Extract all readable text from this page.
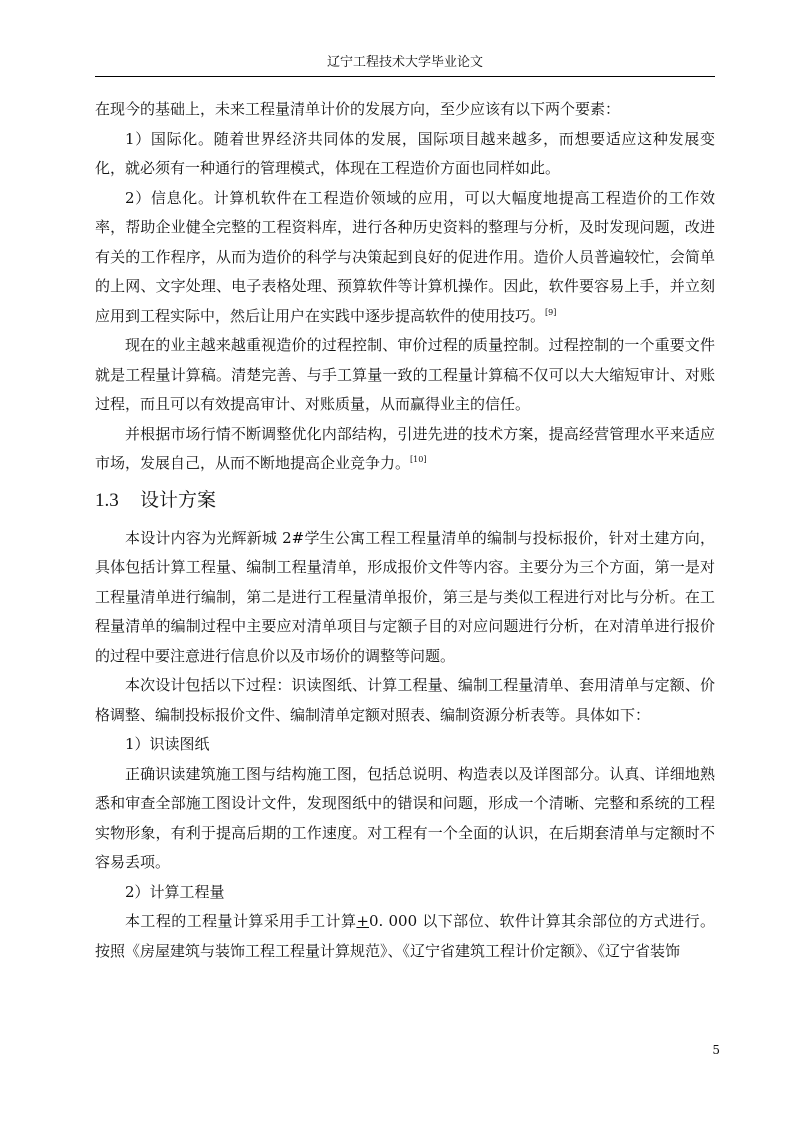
辽宁工程技术大学毕业论文

在现今的基础上，未来工程量清单计价的发展方向，至少应该有以下两个要素：

1）国际化。随着世界经济共同体的发展，国际项目越来越多，而想要适应这种发展变化，就必须有一种通行的管理模式，体现在工程造价方面也同样如此。

2）信息化。计算机软件在工程造价领域的应用，可以大幅度地提高工程造价的工作效率，帮助企业健全完整的工程资料库，进行各种历史资料的整理与分析，及时发现问题，改进有关的工作程序，从而为造价的科学与决策起到良好的促进作用。造价人员普遍较忙，会简单的上网、文字处理、电子表格处理、预算软件等计算机操作。因此，软件要容易上手，并立刻应用到工程实际中，然后让用户在实践中逐步提高软件的使用技巧。[9]

现在的业主越来越重视造价的过程控制、审价过程的质量控制。过程控制的一个重要文件就是工程量计算稿。清楚完善、与手工算量一致的工程量计算稿不仅可以大大缩短审计、对账过程，而且可以有效提高审计、对账质量，从而赢得业主的信任。

并根据市场行情不断调整优化内部结构，引进先进的技术方案，提高经营管理水平来适应市场，发展自己，从而不断地提高企业竞争力。[10]

1.3 设计方案

本设计内容为光辉新城 2#学生公寓工程工程量清单的编制与投标报价，针对土建方向，具体包括计算工程量、编制工程量清单，形成报价文件等内容。主要分为三个方面，第一是对工程量清单进行编制，第二是进行工程量清单报价，第三是与类似工程进行对比与分析。在工程量清单的编制过程中主要应对清单项目与定额子目的对应问题进行分析，在对清单进行报价的过程中要注意进行信息价以及市场价的调整等问题。

本次设计包括以下过程：识读图纸、计算工程量、编制工程量清单、套用清单与定额、价格调整、编制投标报价文件、编制清单定额对照表、编制资源分析表等。具体如下：

1）识读图纸

正确识读建筑施工图与结构施工图，包括总说明、构造表以及详图部分。认真、详细地熟悉和审查全部施工图设计文件，发现图纸中的错误和问题，形成一个清晰、完整和系统的工程实物形象，有利于提高后期的工作速度。对工程有一个全面的认识，在后期套清单与定额时不容易丢项。

2）计算工程量

本工程的工程量计算采用手工计算+0. 000 以下部位、软件计算其余部位的方式进行。按照《房屋建筑与装饰工程工程量计算规范》、《辽宁省建筑工程计价定额》、《辽宁省装饰

5
